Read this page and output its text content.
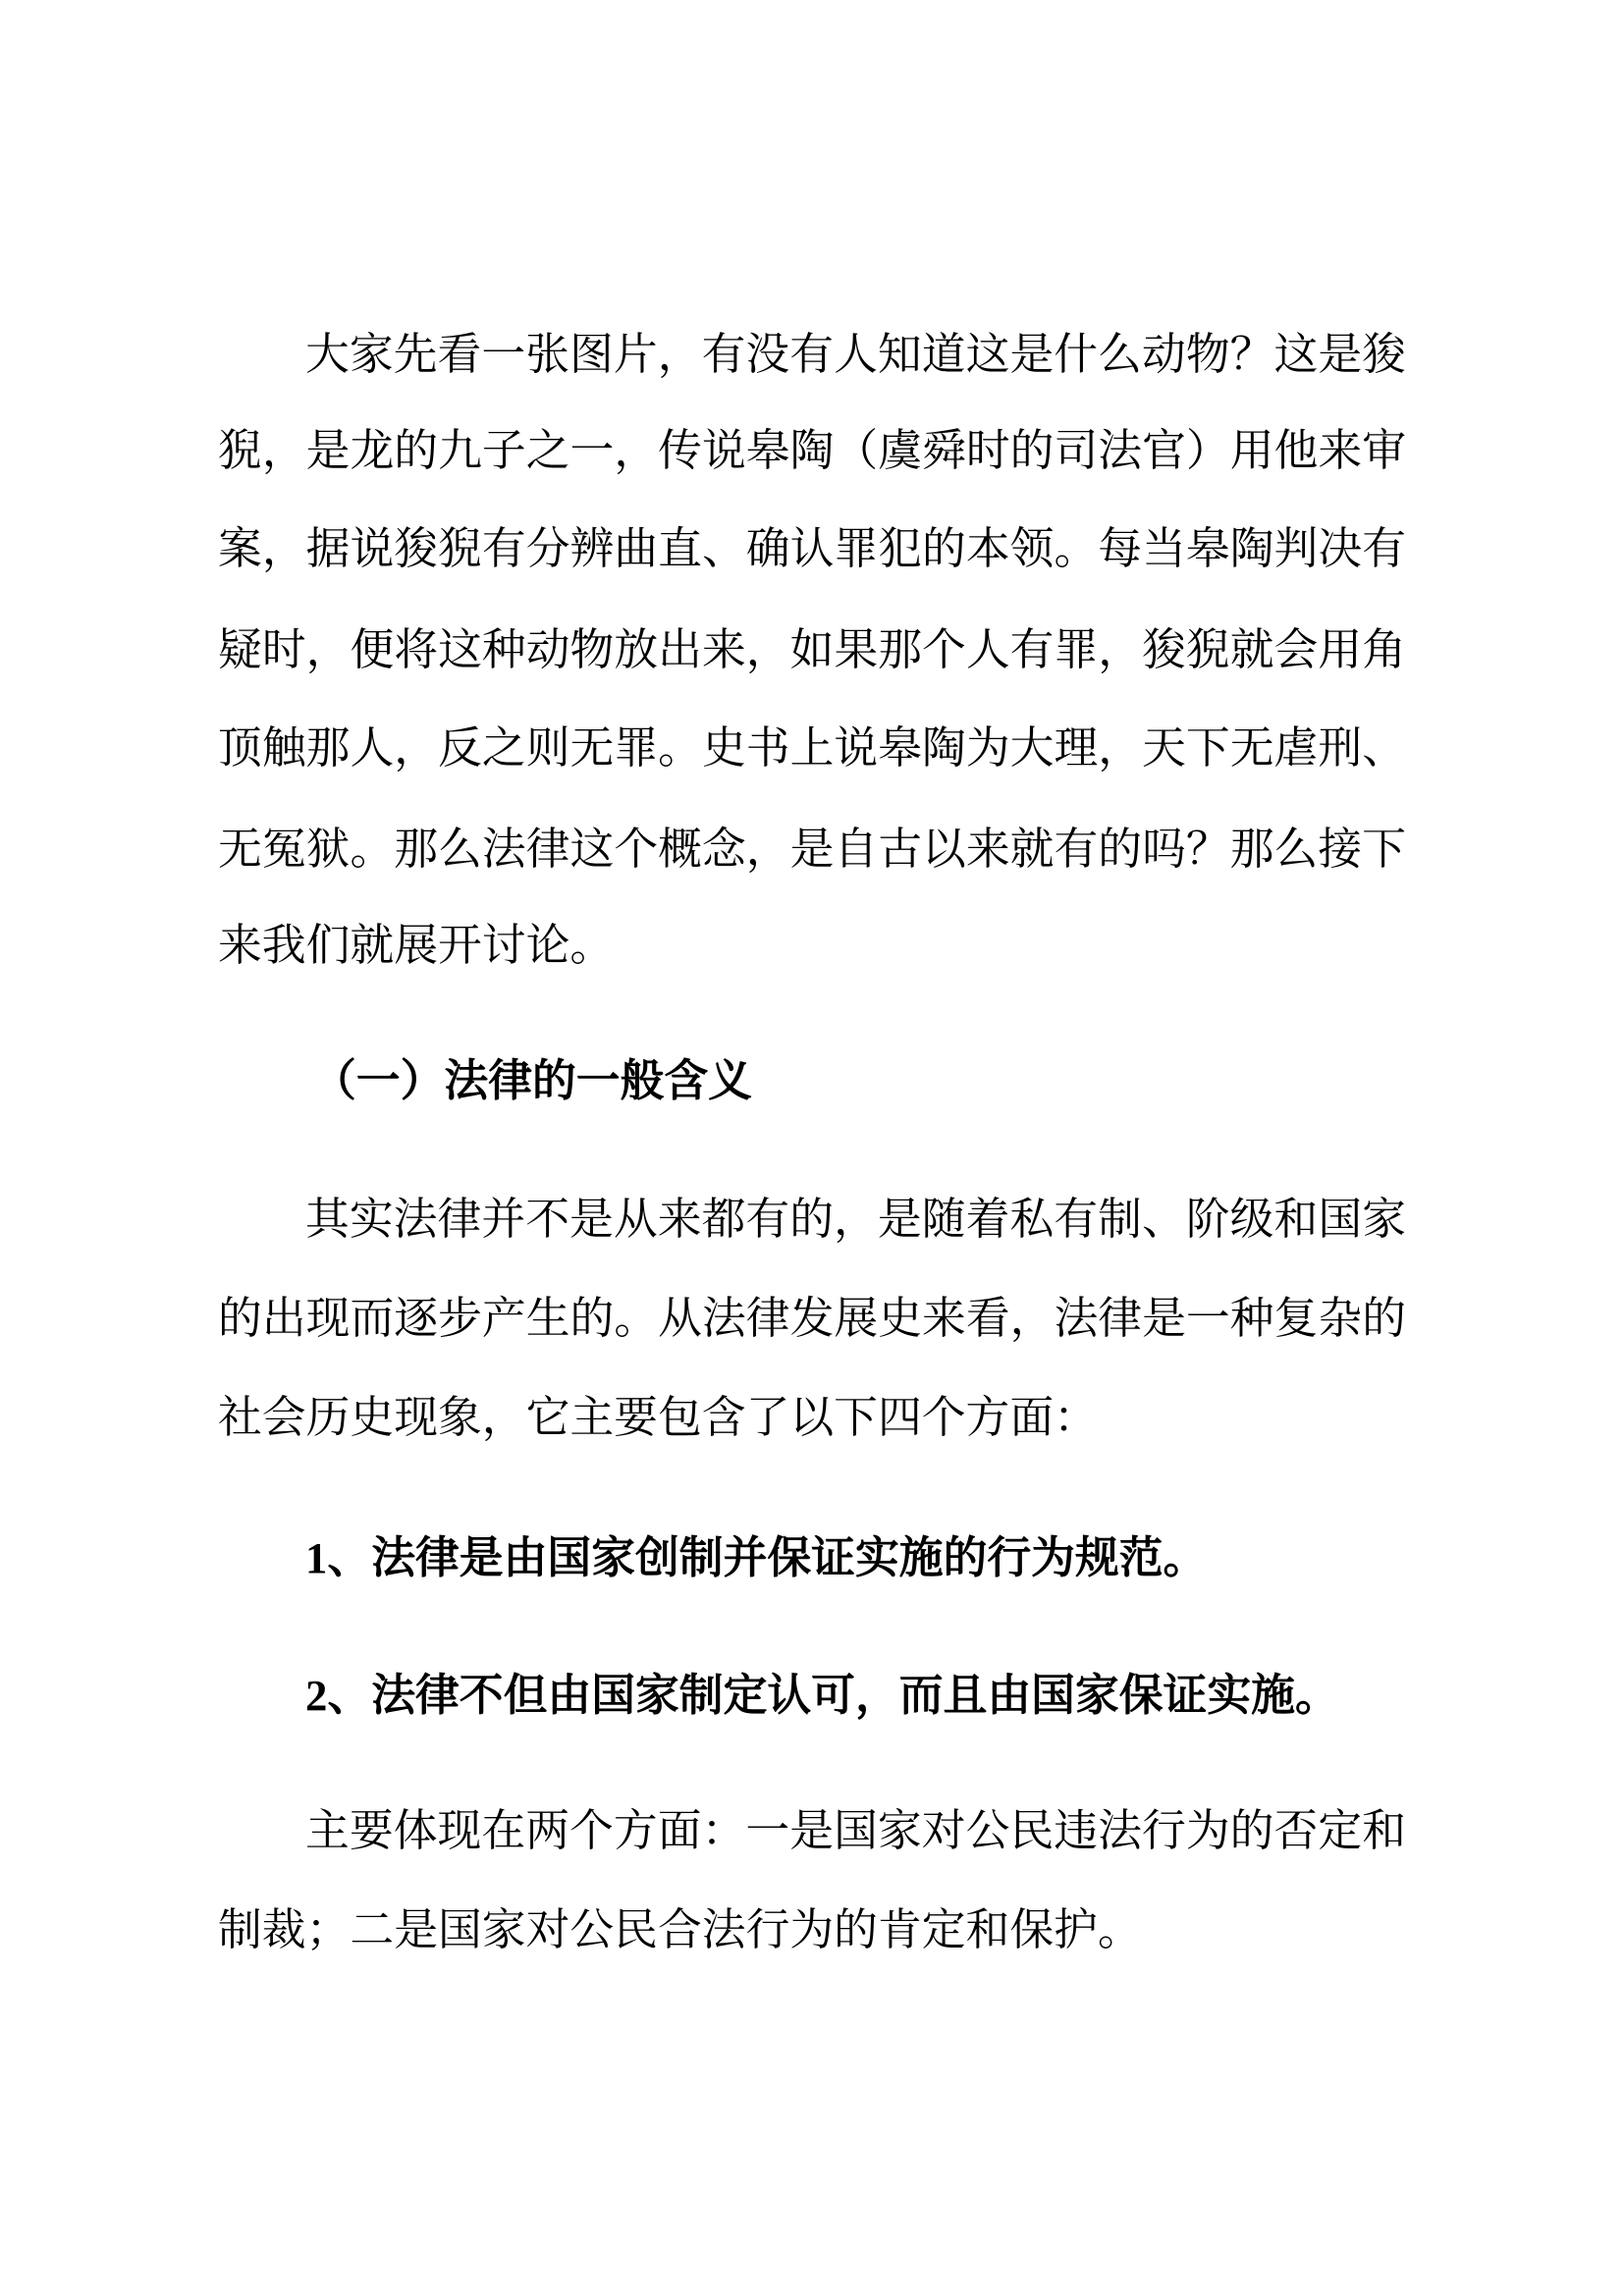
大家先看一张图片，有没有人知道这是什么动物？这是狻
猊，是龙的九子之一，传说皋陶（虞舜时的司法官）用他来审
案，据说狻猊有分辨曲直、确认罪犯的本领。每当皋陶判决有
疑时，便将这种动物放出来，如果那个人有罪，狻猊就会用角
顶触那人，反之则无罪。史书上说皋陶为大理，天下无虐刑、
无冤狱。那么法律这个概念，是自古以来就有的吗？那么接下
来我们就展开讨论。
（一）法律的一般含义
其实法律并不是从来都有的，是随着私有制、阶级和国家
的出现而逐步产生的。从法律发展史来看，法律是一种复杂的
社会历史现象，它主要包含了以下四个方面：
1、法律是由国家创制并保证实施的行为规范。
2、法律不但由国家制定认可，而且由国家保证实施。
主要体现在两个方面：一是国家对公民违法行为的否定和
制裁；二是国家对公民合法行为的肯定和保护。
